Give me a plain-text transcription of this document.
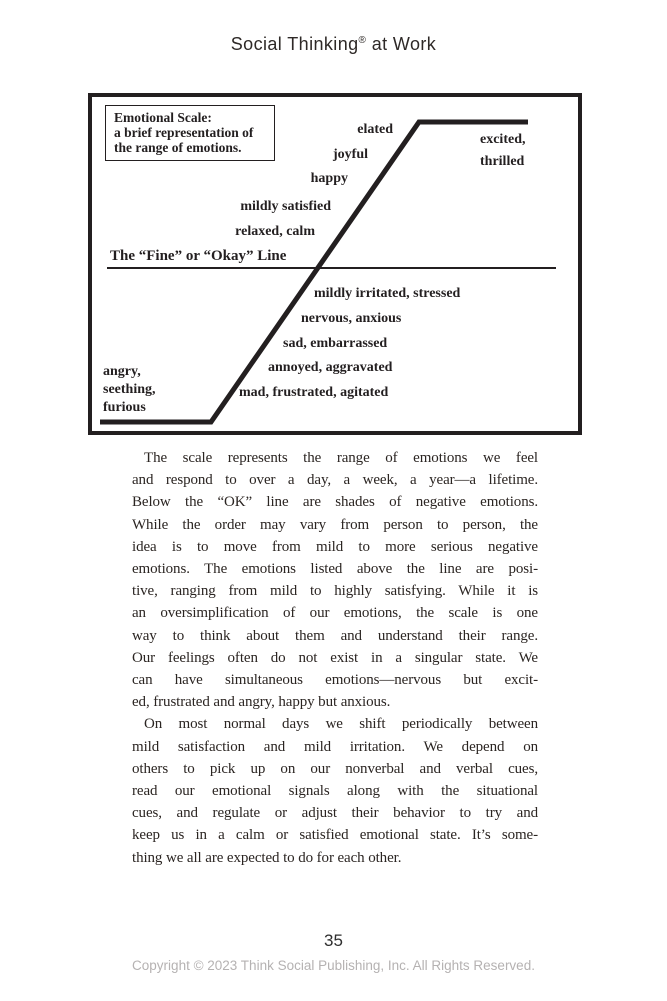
Social Thinking® at Work
Emotional Scale:
a brief representation of
the range of emotions.
elated
joyful
happy
mildly satisfied
relaxed, calm
The “Fine” or “Okay” Line
mildly irritated, stressed
nervous, anxious
sad, embarrassed
annoyed, aggravated
mad, frustrated, agitated
angry,
seething,
furious
excited,
thrilled
The scale represents the range of emotions we feel
and respond to over a day, a week, a year—a lifetime.
Below the “OK” line are shades of negative emotions.
While the order may vary from person to person, the
idea is to move from mild to more serious negative
emotions. The emotions listed above the line are posi-
tive, ranging from mild to highly satisfying. While it is
an oversimplification of our emotions, the scale is one
way to think about them and understand their range.
Our feelings often do not exist in a singular state. We
can have simultaneous emotions—nervous but excit-
ed, frustrated and angry, happy but anxious.
On most normal days we shift periodically between
mild satisfaction and mild irritation. We depend on
others to pick up on our nonverbal and verbal cues,
read our emotional signals along with the situational
cues, and regulate or adjust their behavior to try and
keep us in a calm or satisfied emotional state. It’s some-
thing we all are expected to do for each other.
35
Copyright © 2023 Think Social Publishing, Inc. All Rights Reserved.
